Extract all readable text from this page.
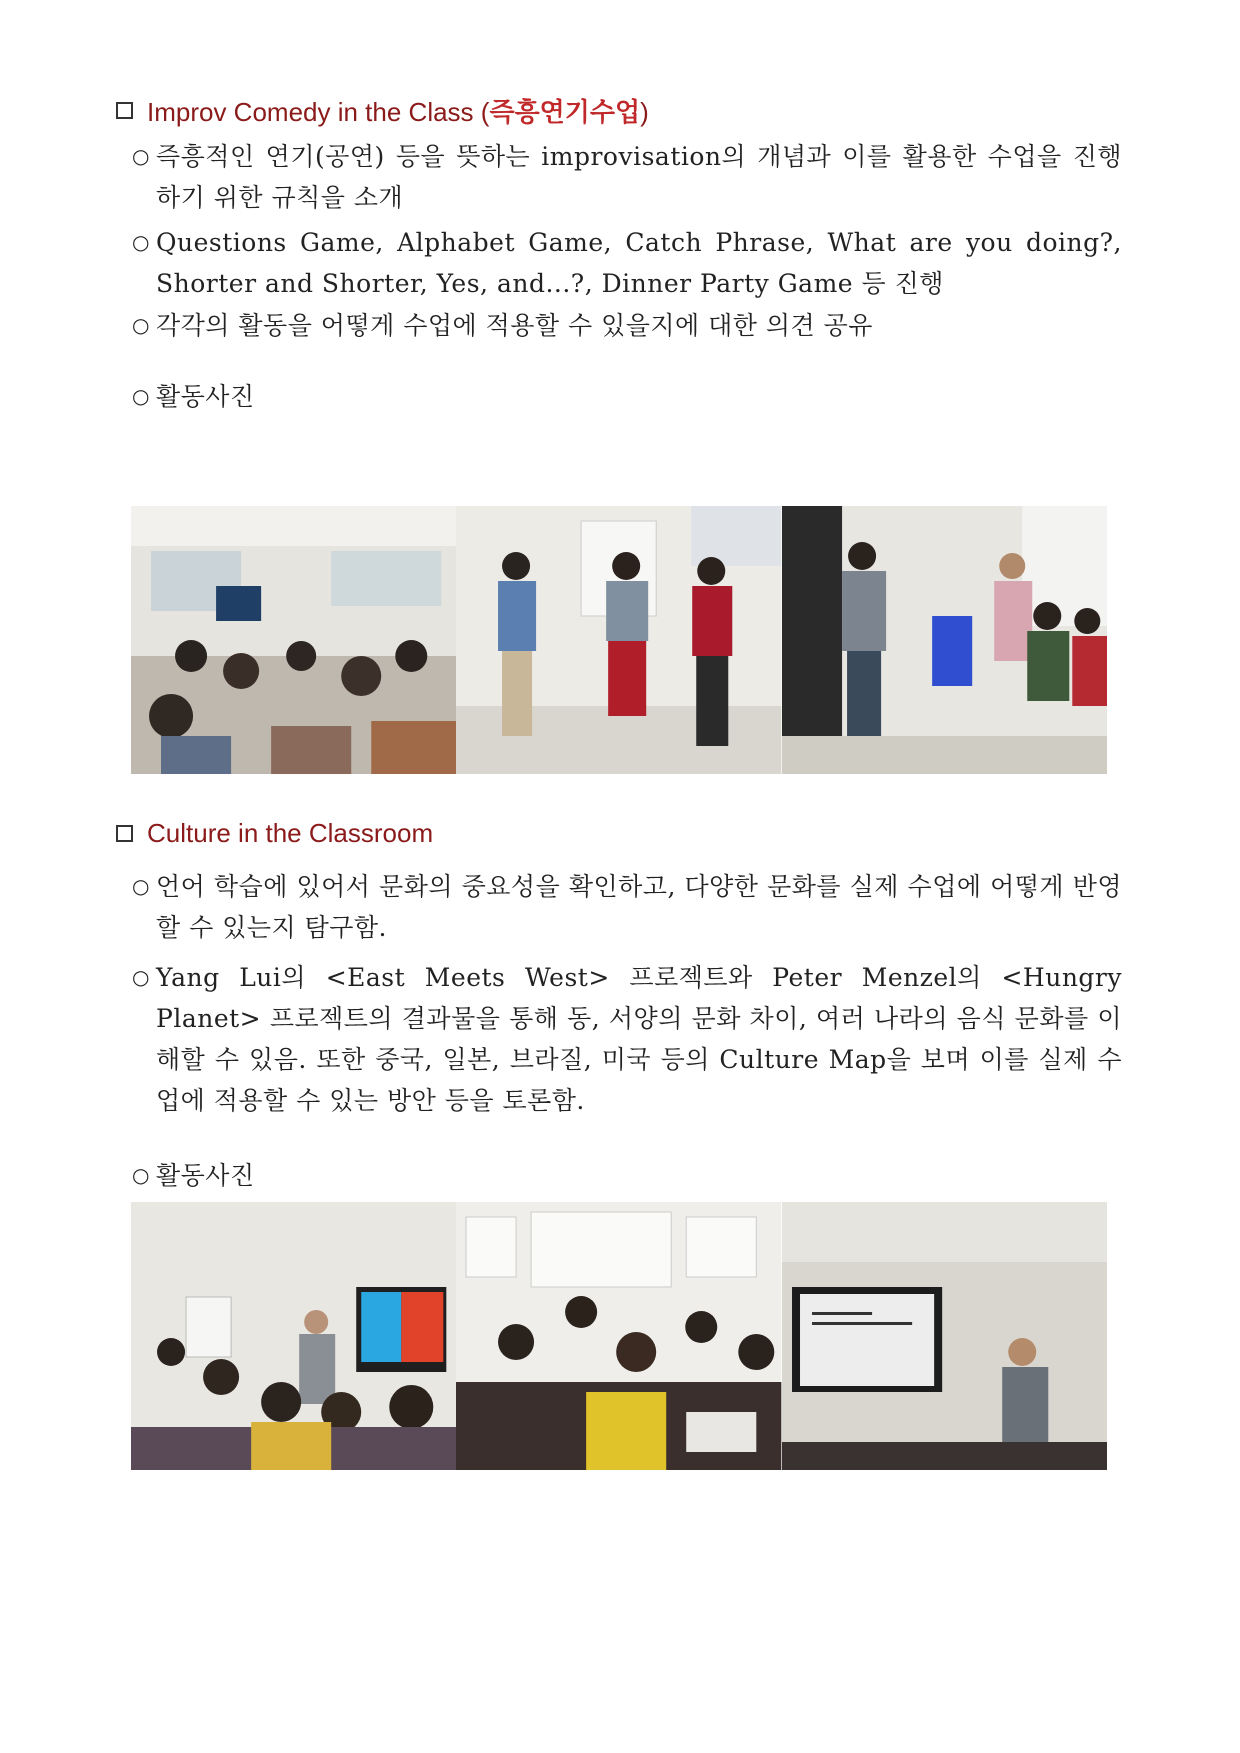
Improv Comedy in the Class (즉흥연기수업)
○ 즉흥적인 연기(공연) 등을 뜻하는 improvisation의 개념과 이를 활용한 수업을 진행하기 위한 규칙을 소개
○ Questions Game, Alphabet Game, Catch Phrase, What are you doing?, Shorter and Shorter, Yes, and...?, Dinner Party Game 등 진행
○ 각각의 활동을 어떻게 수업에 적용할 수 있을지에 대한 의견 공유
○ 활동사진
Culture in the Classroom
○ 언어 학습에 있어서 문화의 중요성을 확인하고, 다양한 문화를 실제 수업에 어떻게 반영할 수 있는지 탐구함.
○ Yang Lui의 <East Meets West> 프로젝트와 Peter Menzel의 <Hungry Planet> 프로젝트의 결과물을 통해 동, 서양의 문화 차이, 여러 나라의 음식 문화를 이해할 수 있음. 또한 중국, 일본, 브라질, 미국 등의 Culture Map을 보며 이를 실제 수업에 적용할 수 있는 방안 등을 토론함.
○ 활동사진
